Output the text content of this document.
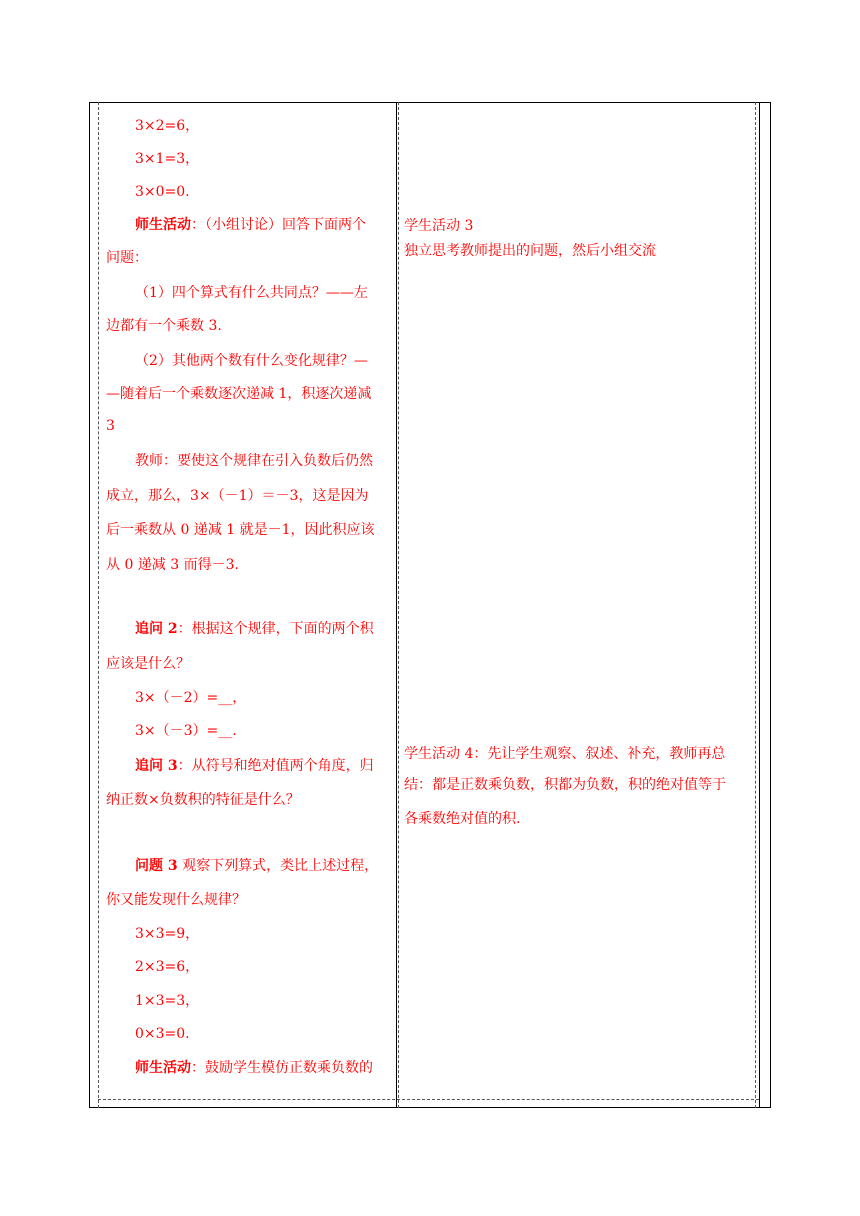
3×2=6，
3×1=3，
3×0=0.
师生活动：（小组讨论）回答下面两个
问题：
（1）四个算式有什么共同点？——左
边都有一个乘数 3.
（2）其他两个数有什么变化规律？—
—随着后一个乘数逐次递减 1，积逐次递减
3
教师：要使这个规律在引入负数后仍然
成立，那么，3×（－1）＝－3，这是因为
后一乘数从 0 递减 1 就是－1，因此积应该
从 0 递减 3 而得－3.
追问 2：根据这个规律，下面的两个积
应该是什么？
3×（－2）=__，
3×（－3）=__.
追问 3：从符号和绝对值两个角度，归
纳正数×负数积的特征是什么？
问题 3 观察下列算式，类比上述过程，
你又能发现什么规律？
3×3=9，
2×3=6，
1×3=3，
0×3=0.
师生活动：鼓励学生模仿正数乘负数的
学生活动 3
独立思考教师提出的问题，然后小组交流
学生活动 4：先让学生观察、叙述、补充，教师再总
结：都是正数乘负数，积都为负数，积的绝对值等于
各乘数绝对值的积.
